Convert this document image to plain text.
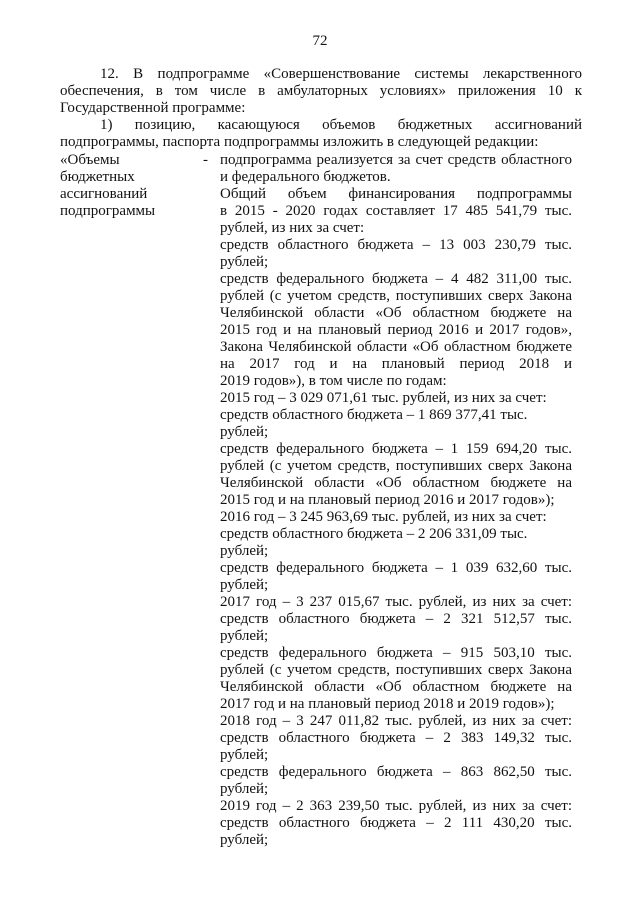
72

12. В подпрограмме «Совершенствование системы лекарственного
обеспечения, в том числе в амбулаторных условиях» приложения 10 к
Государственной программе:

1) позицию, касающуюся объемов бюджетных ассигнований
подпрограммы, паспорта подпрограммы изложить в следующей редакции:

«Объемы
бюджетных
ассигнований
подпрограммы
- подпрограмма реализуется за счет средств областного
и федерального бюджетов.

Общий объем финансирования подпрограммы
в 2015 - 2020 годах составляет 17 485 541,79 тыс.
рублей, из них за счет:

средств областного бюджета – 13 003 230,79 тыс.
рублей;

средств федерального бюджета – 4 482 311,00 тыс.
рублей (с учетом средств, поступивших сверх Закона
Челябинской области «Об областном бюджете на
2015 год и на плановый период 2016 и 2017 годов»,
Закона Челябинской области «Об областном бюджете
на 2017 год и на плановый период 2018 и
2019 годов»), в том числе по годам:

2015 год – 3 029 071,61 тыс. рублей, из них за счет:

средств областного бюджета – 1 869 377,41 тыс. рублей;

средств федерального бюджета – 1 159 694,20 тыс.
рублей (с учетом средств, поступивших сверх Закона
Челябинской области «Об областном бюджете на
2015 год и на плановый период 2016 и 2017 годов»);

2016 год – 3 245 963,69 тыс. рублей, из них за счет:

средств областного бюджета – 2 206 331,09 тыс. рублей;

средств федерального бюджета – 1 039 632,60 тыс.
рублей;

2017 год – 3 237 015,67 тыс. рублей, из них за счет:
средств областного бюджета – 2 321 512,57 тыс.
рублей;

средств федерального бюджета – 915 503,10 тыс.
рублей (с учетом средств, поступивших сверх Закона
Челябинской области «Об областном бюджете на
2017 год и на плановый период 2018 и 2019 годов»);

2018 год – 3 247 011,82 тыс. рублей, из них за счет:
средств областного бюджета – 2 383 149,32 тыс.
рублей;

средств федерального бюджета – 863 862,50 тыс.
рублей;

2019 год – 2 363 239,50 тыс. рублей, из них за счет:
средств областного бюджета – 2 111 430,20 тыс.
рублей;
